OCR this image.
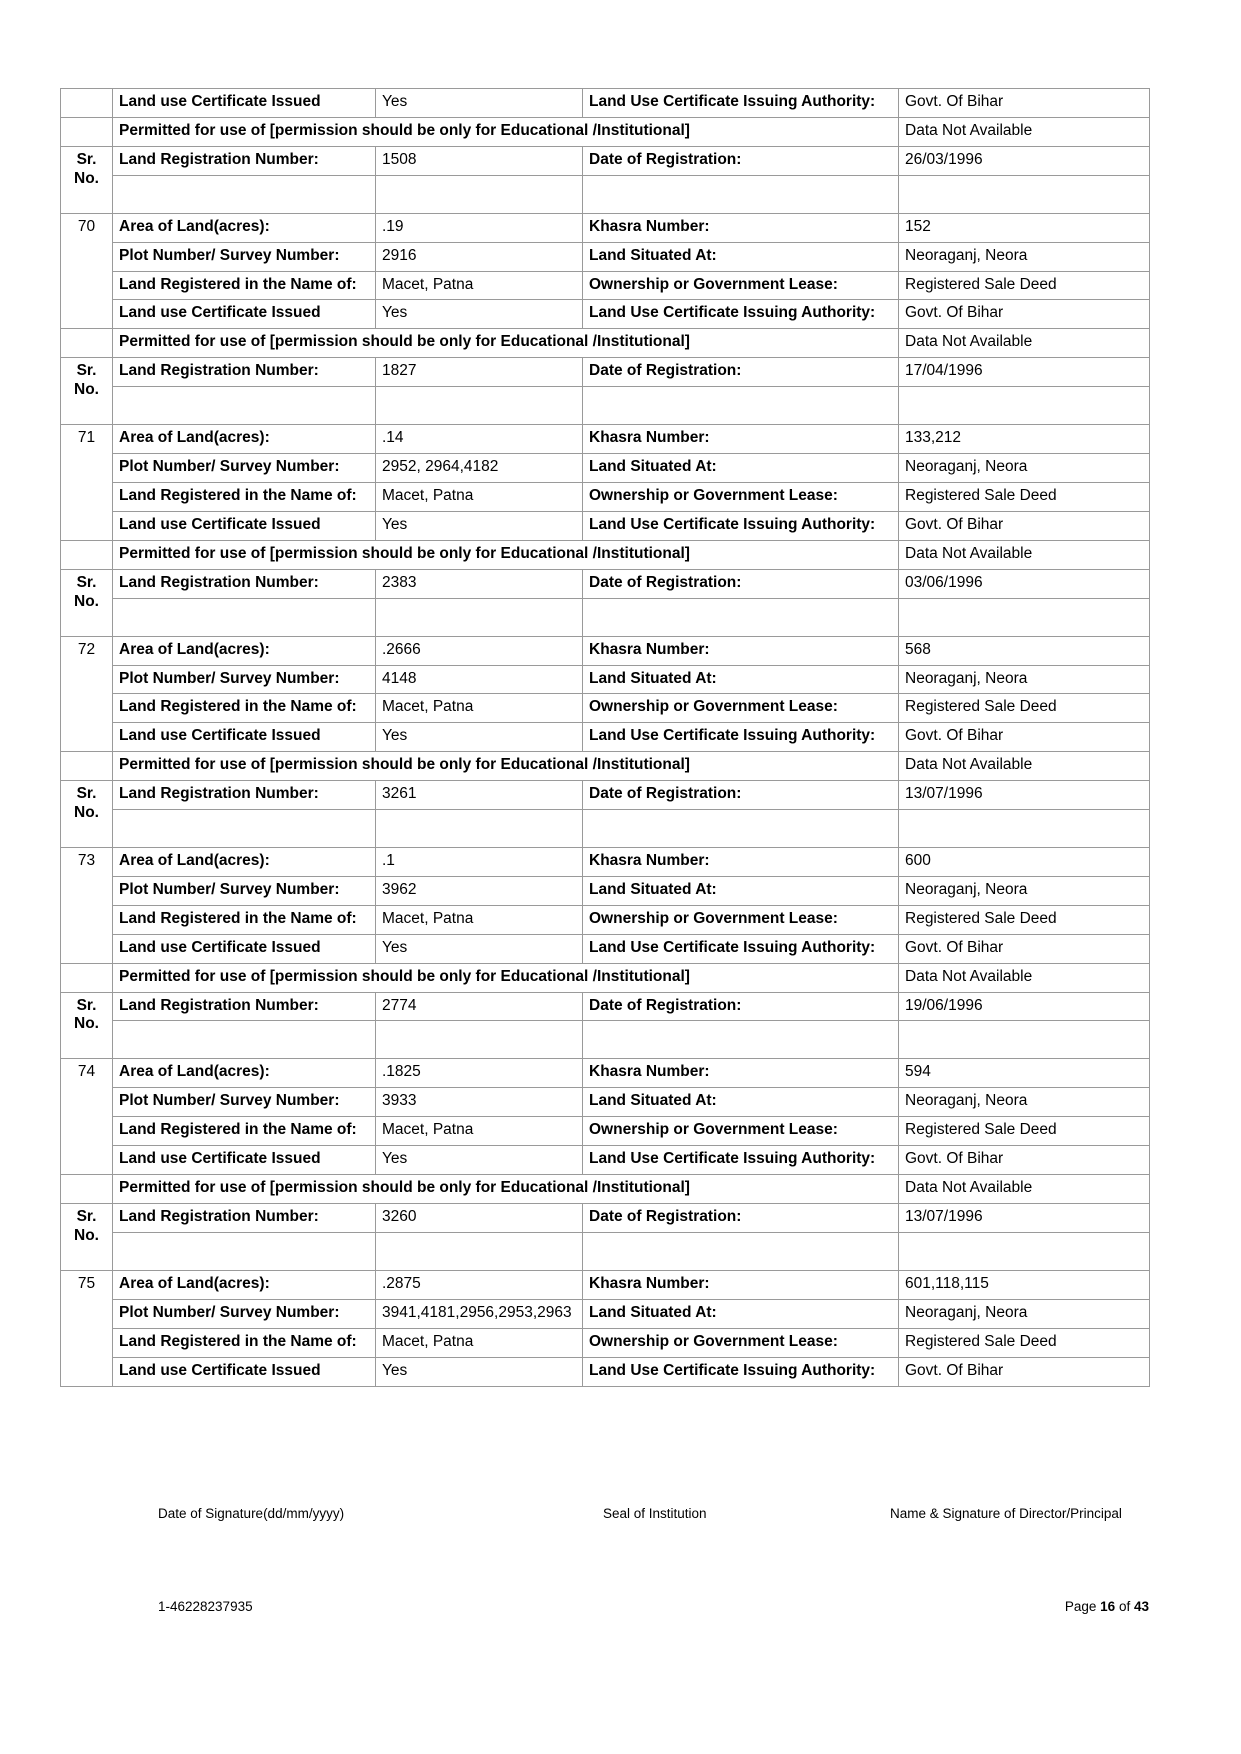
	Land use Certificate Issued	Yes	Land Use Certificate Issuing Authority:	Govt. Of Bihar
	Permitted for use of [permission should be only for Educational /Institutional]			Data Not Available

Sr.
No.	Land Registration Number:	1508	Date of Registration:	26/03/1996

70	Area of Land(acres):	.19	Khasra Number:	152
	Plot Number/ Survey Number:	2916	Land Situated At:	Neoraganj, Neora
	Land Registered in the Name of:	Macet, Patna	Ownership or Government Lease:	Registered Sale Deed
	Land use Certificate Issued	Yes	Land Use Certificate Issuing Authority:	Govt. Of Bihar
	Permitted for use of [permission should be only for Educational /Institutional]			Data Not Available

Sr.
No.	Land Registration Number:	1827	Date of Registration:	17/04/1996

71	Area of Land(acres):	.14	Khasra Number:	133,212
	Plot Number/ Survey Number:	2952, 2964,4182	Land Situated At:	Neoraganj, Neora
	Land Registered in the Name of:	Macet, Patna	Ownership or Government Lease:	Registered Sale Deed
	Land use Certificate Issued	Yes	Land Use Certificate Issuing Authority:	Govt. Of Bihar
	Permitted for use of [permission should be only for Educational /Institutional]			Data Not Available

Sr.
No.	Land Registration Number:	2383	Date of Registration:	03/06/1996

72	Area of Land(acres):	.2666	Khasra Number:	568
	Plot Number/ Survey Number:	4148	Land Situated At:	Neoraganj, Neora
	Land Registered in the Name of:	Macet, Patna	Ownership or Government Lease:	Registered Sale Deed
	Land use Certificate Issued	Yes	Land Use Certificate Issuing Authority:	Govt. Of Bihar
	Permitted for use of [permission should be only for Educational /Institutional]			Data Not Available

Sr.
No.	Land Registration Number:	3261	Date of Registration:	13/07/1996

73	Area of Land(acres):	.1	Khasra Number:	600
	Plot Number/ Survey Number:	3962	Land Situated At:	Neoraganj, Neora
	Land Registered in the Name of:	Macet, Patna	Ownership or Government Lease:	Registered Sale Deed
	Land use Certificate Issued	Yes	Land Use Certificate Issuing Authority:	Govt. Of Bihar
	Permitted for use of [permission should be only for Educational /Institutional]			Data Not Available

Sr.
No.	Land Registration Number:	2774	Date of Registration:	19/06/1996

74	Area of Land(acres):	.1825	Khasra Number:	594
	Plot Number/ Survey Number:	3933	Land Situated At:	Neoraganj, Neora
	Land Registered in the Name of:	Macet, Patna	Ownership or Government Lease:	Registered Sale Deed
	Land use Certificate Issued	Yes	Land Use Certificate Issuing Authority:	Govt. Of Bihar
	Permitted for use of [permission should be only for Educational /Institutional]			Data Not Available

Sr.
No.	Land Registration Number:	3260	Date of Registration:	13/07/1996

75	Area of Land(acres):	.2875	Khasra Number:	601,118,115
	Plot Number/ Survey Number:	3941,4181,2956,2953,2963	Land Situated At:	Neoraganj, Neora
	Land Registered in the Name of:	Macet, Patna	Ownership or Government Lease:	Registered Sale Deed
	Land use Certificate Issued	Yes	Land Use Certificate Issuing Authority:	Govt. Of Bihar
Date of Signature(dd/mm/yyyy)	Seal of Institution	Name & Signature of Director/Principal
1-46228237935	Page 16 of 43
